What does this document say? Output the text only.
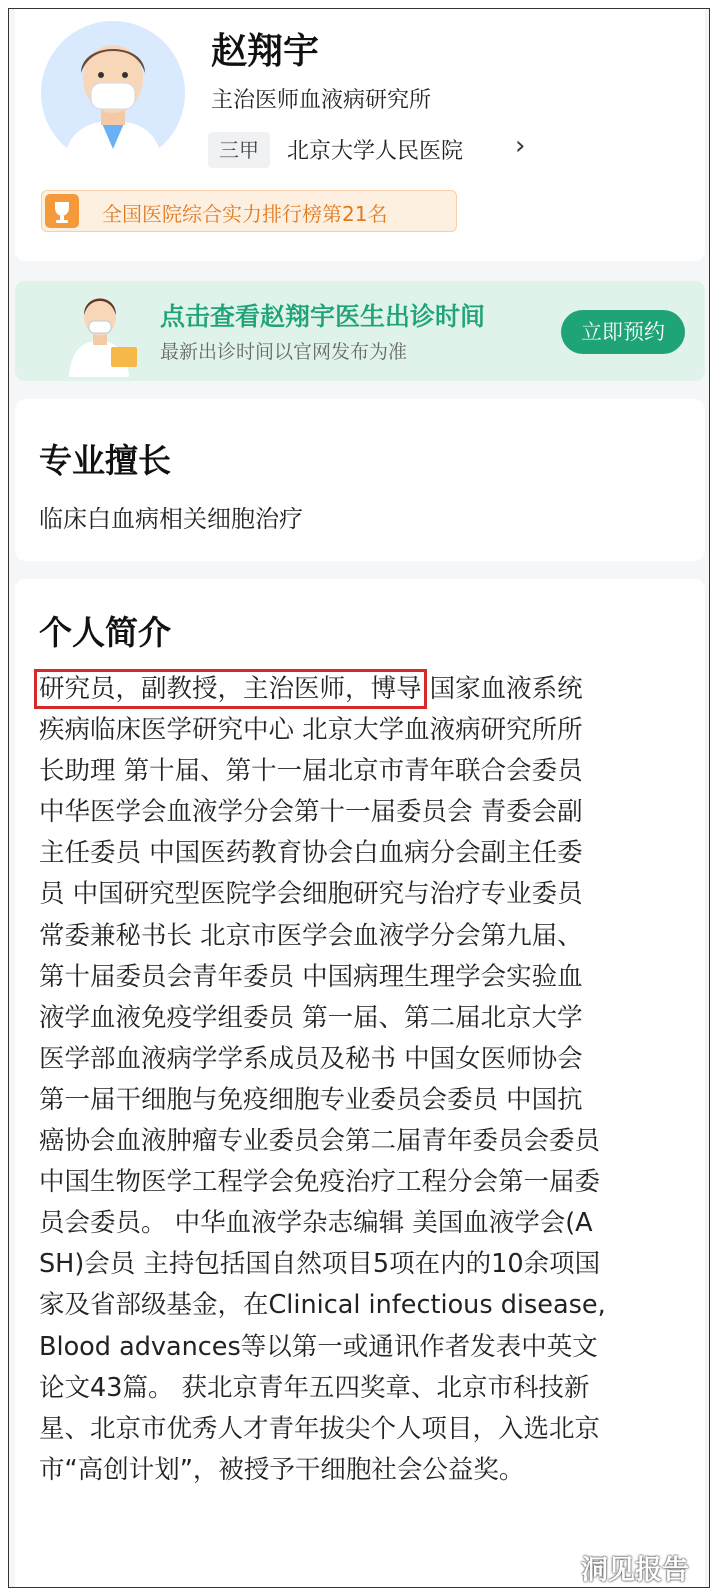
赵翔宇
主治医师血液病研究所
三甲	北京大学人民医院 ›
全国医院综合实力排行榜第21名
点击查看赵翔宇医生出诊时间
最新出诊时间以官网发布为准
立即预约
专业擅长
临床白血病相关细胞治疗
个人简介
研究员，副教授，主治医师，博导 国家血液系统
疾病临床医学研究中心 北京大学血液病研究所所
长助理 第十届、第十一届北京市青年联合会委员
中华医学会血液学分会第十一届委员会 青委会副
主任委员 中国医药教育协会白血病分会副主任委
员 中国研究型医院学会细胞研究与治疗专业委员
常委兼秘书长 北京市医学会血液学分会第九届、
第十届委员会青年委员 中国病理生理学会实验血
液学血液免疫学组委员 第一届、第二届北京大学
医学部血液病学学系成员及秘书 中国女医师协会
第一届干细胞与免疫细胞专业委员会委员 中国抗
癌协会血液肿瘤专业委员会第二届青年委员会委员
中国生物医学工程学会免疫治疗工程分会第一届委
员会委员。 中华血液学杂志编辑 美国血液学会(A
SH)会员 主持包括国自然项目5项在内的10余项国
家及省部级基金，在Clinical infectious disease,
Blood advances等以第一或通讯作者发表中英文
论文43篇。 获北京青年五四奖章、北京市科技新
星、北京市优秀人才青年拔尖个人项目，入选北京
市“高创计划”，被授予干细胞社会公益奖。
洞见报告
